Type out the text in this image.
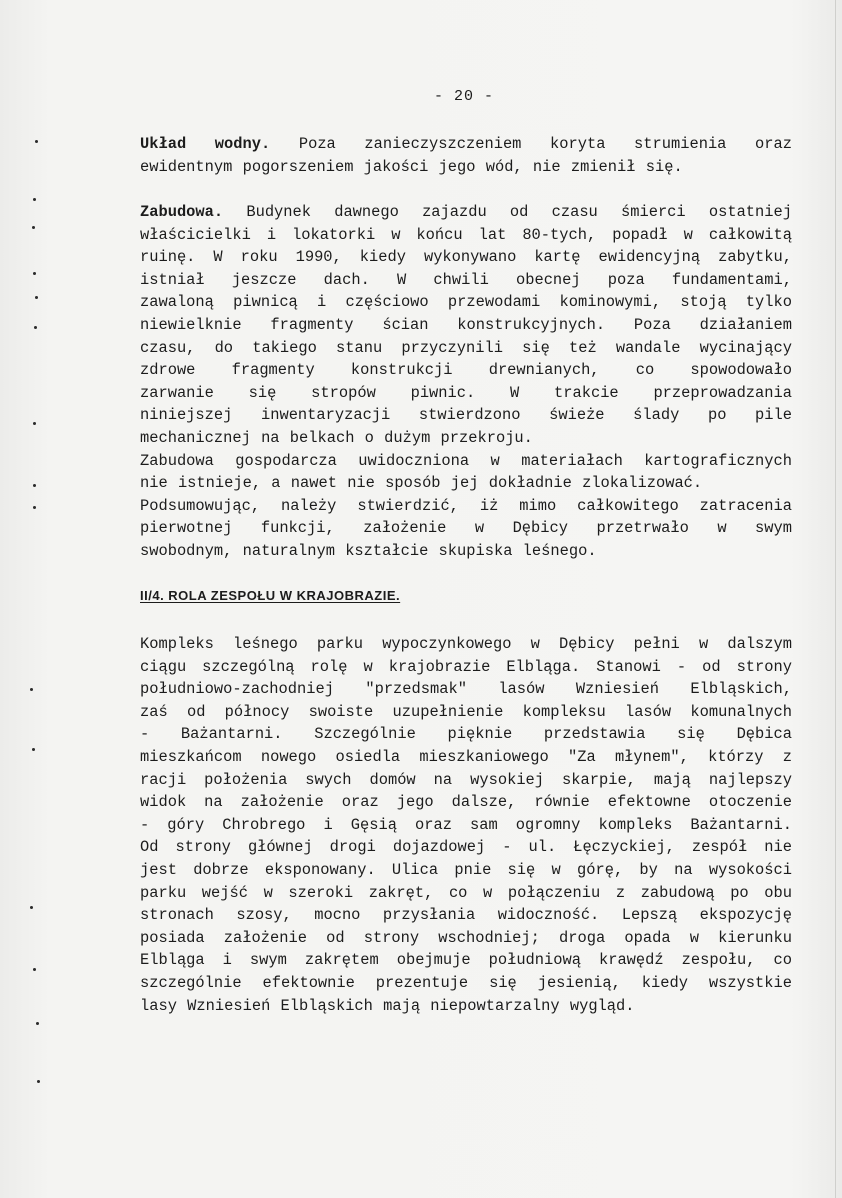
- 20 -
Układ wodny. Poza zanieczyszczeniem koryta strumienia oraz
ewidentnym pogorszeniem jakości jego wód, nie zmienił się.
Zabudowa. Budynek dawnego zajazdu od czasu śmierci ostatniej
właścicielki i lokatorki w końcu lat 80-tych, popadł w całkowitą
ruinę. W roku 1990, kiedy wykonywano kartę ewidencyjną zabytku,
istniał jeszcze dach. W chwili obecnej poza fundamentami,
zawaloną piwnicą i częściowo przewodami kominowymi, stoją tylko
niewielknie fragmenty ścian konstrukcyjnych. Poza działaniem
czasu, do takiego stanu przyczynili się też wandale wycinający
zdrowe fragmenty konstrukcji drewnianych, co spowodowało
zarwanie się stropów piwnic. W trakcie przeprowadzania
niniejszej inwentaryzacji stwierdzono świeże ślady po pile
mechanicznej na belkach o dużym przekroju.
Zabudowa gospodarcza uwidoczniona w materiałach kartograficznych
nie istnieje, a nawet nie sposób jej dokładnie zlokalizować.
Podsumowując, należy stwierdzić, iż mimo całkowitego zatracenia
pierwotnej funkcji, założenie w Dębicy przetrwało w swym
swobodnym, naturalnym kształcie skupiska leśnego.
II/4. ROLA ZESPOŁU W KRAJOBRAZIE.
Kompleks leśnego parku wypoczynkowego w Dębicy pełni w dalszym
ciągu szczególną rolę w krajobrazie Elbląga. Stanowi - od strony
południowo-zachodniej "przedsmak" lasów Wzniesień Elbląskich,
zaś od północy swoiste uzupełnienie kompleksu lasów komunalnych
- Bażantarni. Szczególnie pięknie przedstawia się Dębica
mieszkańcom nowego osiedla mieszkaniowego "Za młynem", którzy z
racji położenia swych domów na wysokiej skarpie, mają najlepszy
widok na założenie oraz jego dalsze, równie efektowne otoczenie
- góry Chrobrego i Gęsią oraz sam ogromny kompleks Bażantarni.
Od strony głównej drogi dojazdowej - ul. Łęczyckiej, zespół nie
jest dobrze eksponowany. Ulica pnie się w górę, by na wysokości
parku wejść w szeroki zakręt, co w połączeniu z zabudową po obu
stronach szosy, mocno przysłania widoczność. Lepszą ekspozycję
posiada założenie od strony wschodniej; droga opada w kierunku
Elbląga i swym zakrętem obejmuje południową krawędź zespołu, co
szczególnie efektownie prezentuje się jesienią, kiedy wszystkie
lasy Wzniesień Elbląskich mają niepowtarzalny wygląd.
